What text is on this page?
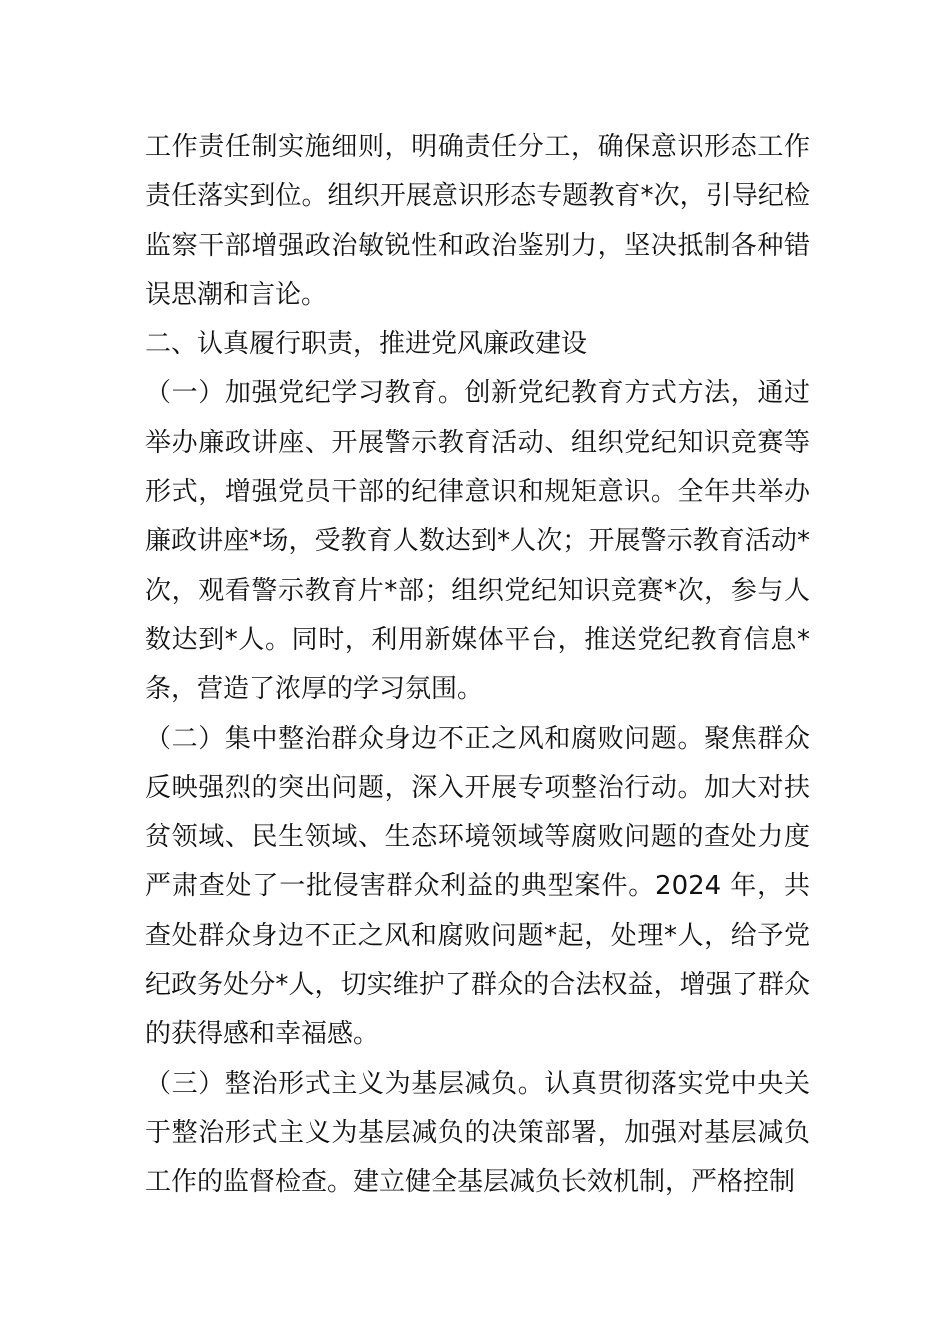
工作责任制实施细则，明确责任分工，确保意识形态工作责任落实到位。组织开展意识形态专题教育*次，引导纪检监察干部增强政治敏锐性和政治鉴别力，坚决抵制各种错误思潮和言论。

二、认真履行职责，推进党风廉政建设

（一）加强党纪学习教育。创新党纪教育方式方法，通过举办廉政讲座、开展警示教育活动、组织党纪知识竞赛等形式，增强党员干部的纪律意识和规矩意识。全年共举办廉政讲座*场，受教育人数达到*人次；开展警示教育活动*次，观看警示教育片*部；组织党纪知识竞赛*次，参与人数达到*人。同时，利用新媒体平台，推送党纪教育信息*条，营造了浓厚的学习氛围。

（二）集中整治群众身边不正之风和腐败问题。聚焦群众反映强烈的突出问题，深入开展专项整治行动。加大对扶贫领域、民生领域、生态环境领域等腐败问题的查处力度严肃查处了一批侵害群众利益的典型案件。2024 年，共查处群众身边不正之风和腐败问题*起，处理*人，给予党纪政务处分*人，切实维护了群众的合法权益，增强了群众的获得感和幸福感。

（三）整治形式主义为基层减负。认真贯彻落实党中央关于整治形式主义为基层减负的决策部署，加强对基层减负工作的监督检查。建立健全基层减负长效机制，严格控制
